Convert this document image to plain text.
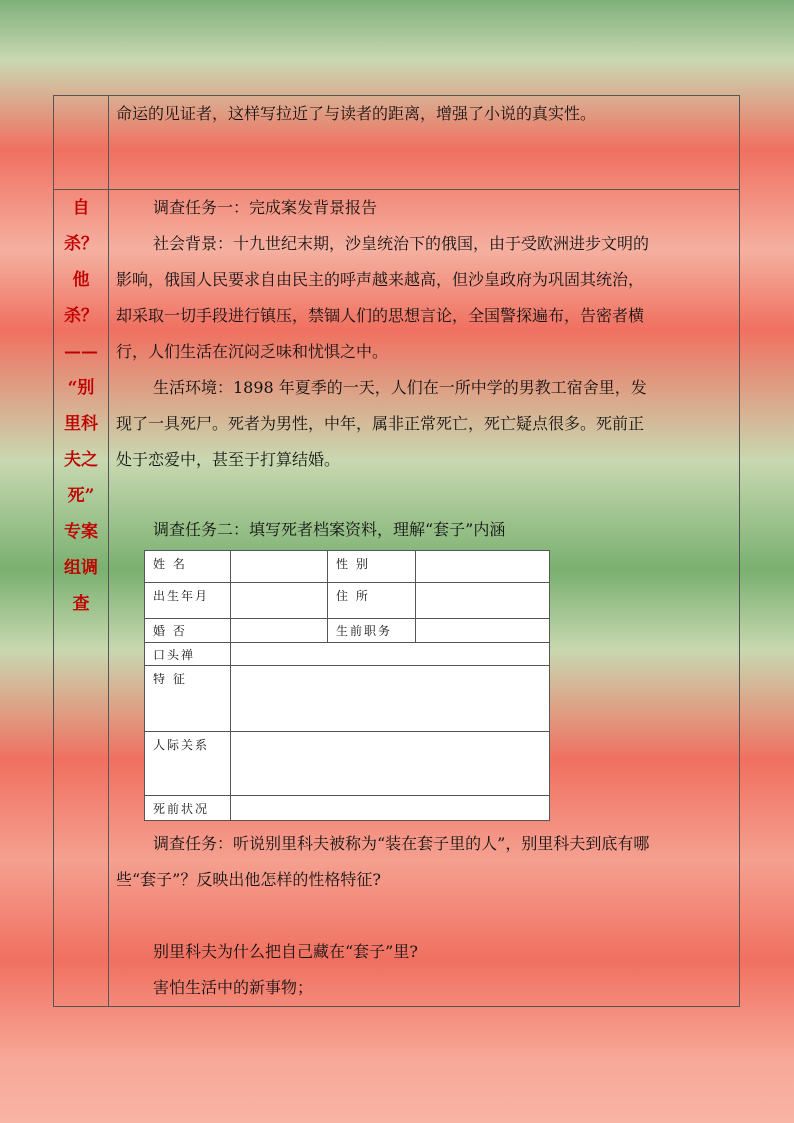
命运的见证者，这样写拉近了与读者的距离，增强了小说的真实性。

自
杀？
他
杀？
——
“别
里科
夫之
死”
专案
组调
查

调查任务一：完成案发背景报告

社会背景：十九世纪末期，沙皇统治下的俄国，由于受欧洲进步文明的

影响，俄国人民要求自由民主的呼声越来越高，但沙皇政府为巩固其统治，

却采取一切手段进行镇压，禁锢人们的思想言论，全国警探遍布，告密者横

行，人们生活在沉闷乏味和忧惧之中。

生活环境：1898 年夏季的一天，人们在一所中学的男教工宿舍里，发

现了一具死尸。死者为男性，中年，属非正常死亡，死亡疑点很多。死前正

处于恋爱中，甚至于打算结婚。

调查任务二：填写死者档案资料，理解“套子”内涵

姓 名		性 别	
出生年月		住 所	
婚 否		生前职务	
口头禅			
特 征			
人际关系			
死前状况			

调查任务：听说别里科夫被称为“装在套子里的人”，别里科夫到底有哪

些“套子”？反映出他怎样的性格特征?

别里科夫为什么把自己藏在“套子”里?

害怕生活中的新事物；
